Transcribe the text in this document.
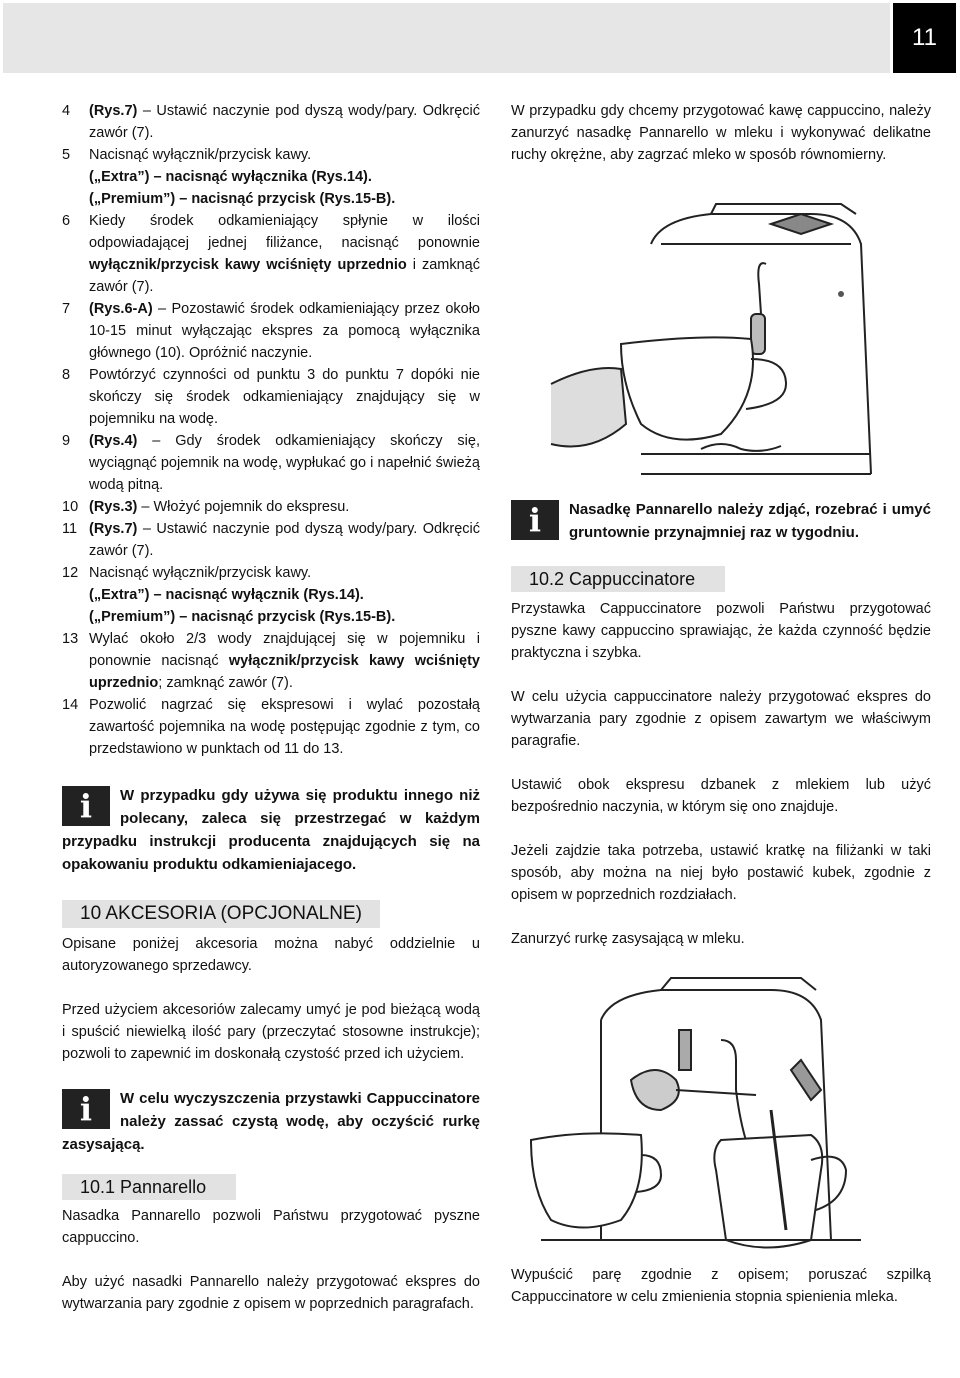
11
4 (Rys.7) – Ustawić naczynie pod dyszą wody/pary. Odkręcić zawór (7).
5 Nacisnąć wyłącznik/przycisk kawy.
(„Extra”) – nacisnąć wyłącznika (Rys.14).
(„Premium”) – nacisnąć przycisk (Rys.15-B).
6 Kiedy środek odkamieniający spłynie w ilości odpowiadającej jednej filiżance, nacisnąć ponownie wyłącznik/przycisk kawy wciśnięty uprzednio i zamknąć zawór (7).
7 (Rys.6-A) – Pozostawić środek odkamieniający przez około 10-15 minut wyłączając ekspres za pomocą wyłącznika głównego (10). Opróżnić naczynie.
8 Powtórzyć czynności od punktu 3 do punktu 7 dopóki nie skończy się środek odkamieniający znajdujący się w pojemniku na wodę.
9 (Rys.4) – Gdy środek odkamieniający skończy się, wyciągnąć pojemnik na wodę, wypłukać go i napełnić świeżą wodą pitną.
10 (Rys.3) – Włożyć pojemnik do ekspresu.
11 (Rys.7) – Ustawić naczynie pod dyszą wody/pary. Odkręcić zawór (7).
12 Nacisnąć wyłącznik/przycisk kawy.
(„Extra”) – nacisnąć wyłącznik (Rys.14).
(„Premium”) – nacisnąć przycisk (Rys.15-B).
13 Wylać około 2/3 wody znajdującej się w pojemniku i ponownie nacisnąć wyłącznik/przycisk kawy wciśnięty uprzednio; zamknąć zawór (7).
14 Pozwolić nagrzać się ekspresowi i wylać pozostałą zawartość pojemnika na wodę postępując zgodnie z tym, co przedstawiono w punktach od 11 do 13.
i	W przypadku gdy używa się produktu innego niż polecany, zaleca się przestrzegać w każdym przypadku instrukcji producenta znajdujących się na opakowaniu produktu odkamieniajacego.
10 AKCESORIA (OPCJONALNE)

Opisane poniżej akcesoria można nabyć oddzielnie u autoryzowanego sprzedawcy.

Przed użyciem akcesoriów zalecamy umyć je pod bieżącą wodą i spuścić niewielką ilość pary (przeczytać stosowne instrukcje); pozwoli to zapewnić im doskonałą czystość przed ich użyciem.

i	W celu wyczyszczenia przystawki Cappuccinatore należy zassać czystą wodę, aby oczyścić rurkę zasysającą.
10.1 Pannarello

Nasadka Pannarello pozwoli Państwu przygotować pyszne cappuccino.

Aby użyć nasadki Pannarello należy przygotować ekspres do wytwarzania pary zgodnie z opisem w poprzednich paragrafach.

W przypadku gdy chcemy przygotować kawę cappuccino, należy zanurzyć nasadkę Pannarello w mleku i wykonywać delikatne ruchy okrężne, aby zagrzać mleko w sposób równomierny.

i	Nasadkę Pannarello należy zdjąć, rozebrać i umyć gruntownie przynajmniej raz w tygodniu.
10.2 Cappuccinatore

Przystawka Cappuccinatore pozwoli Państwu przygotować pyszne kawy cappuccino sprawiając, że każda czynność będzie praktyczna i szybka.

W celu użycia cappuccinatore należy przygotować ekspres do wytwarzania pary zgodnie z opisem zawartym we właściwym paragrafie.

Ustawić obok ekspresu dzbanek z mlekiem lub użyć bezpośrednio naczynia, w którym się ono znajduje.

Jeżeli zajdzie taka potrzeba, ustawić kratkę na filiżanki w taki sposób, aby można na niej było postawić kubek, zgodnie z opisem w poprzednich rozdziałach.

Zanurzyć rurkę zasysającą w mleku.

Wypuścić parę zgodnie z opisem; poruszać szpilką Cappuccinatore w celu zmienienia stopnia spienienia mleka.
